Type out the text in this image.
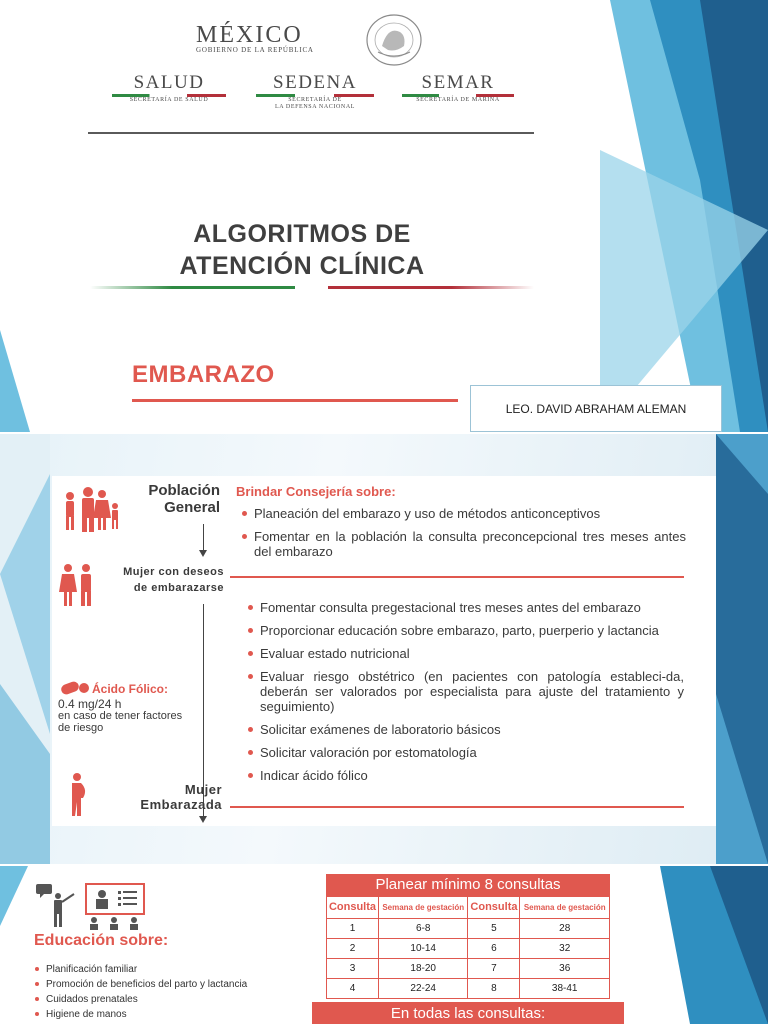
MÉXICO
GOBIERNO DE LA REPÚBLICA
SALUD
SECRETARÍA DE SALUD
SEDENA
SECRETARÍA DE
LA DEFENSA NACIONAL
SEMAR
SECRETARÍA DE MARINA
ALGORITMOS DE
ATENCIÓN CLÍNICA
EMBARAZO
LEO. DAVID ABRAHAM ALEMAN
Población
General
Brindar Consejería sobre:
Planeación del embarazo y uso de métodos anticonceptivos
Fomentar en la población la consulta preconcepcional tres meses antes del embarazo
Mujer con deseos
de embarazarse
Fomentar consulta pregestacional tres meses antes del embarazo
Proporcionar educación sobre embarazo, parto, puerperio y lactancia
Evaluar estado nutricional
Evaluar riesgo obstétrico (en pacientes con patología estableci-da, deberán ser valorados por especialista para ajuste del tratamiento y seguimiento)
Solicitar exámenes de laboratorio básicos
Solicitar valoración por estomatología
Indicar ácido fólico
Ácido Fólico:
0.4 mg/24 h
en caso de tener factores
de riesgo
Mujer
Embarazada
Educación sobre:
Planificación familiar
Promoción de beneficios del parto y lactancia
Cuidados prenatales
Higiene de manos
Planear mínimo 8 consultas
Consulta	Semana de gestación	Consulta	Semana de gestación
1	6-8	5	28
2	10-14	6	32
3	18-20	7	36
4	22-24	8	38-41
En todas las consultas:
